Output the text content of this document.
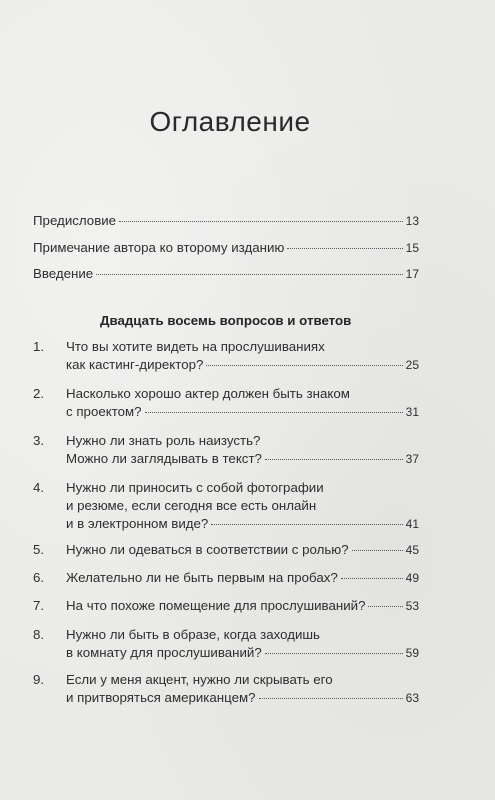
Оглавление
Предисловие	13
Примечание автора ко второму изданию	15
Введение	17
Двадцать восемь вопросов и ответов
1. Что вы хотите видеть на прослушиваниях
как кастинг-директор?	25
2. Насколько хорошо актер должен быть знаком
с проектом?	31
3. Нужно ли знать роль наизусть?
Можно ли заглядывать в текст?	37
4. Нужно ли приносить с собой фотографии
и резюме, если сегодня все есть онлайн
и в электронном виде?	41
5. Нужно ли одеваться в соответствии с ролью?	45
6. Желательно ли не быть первым на пробах?	49
7. На что похоже помещение для прослушиваний?	53
8. Нужно ли быть в образе, когда заходишь
в комнату для прослушиваний?	59
9. Если у меня акцент, нужно ли скрывать его
и притворяться американцем?	63
